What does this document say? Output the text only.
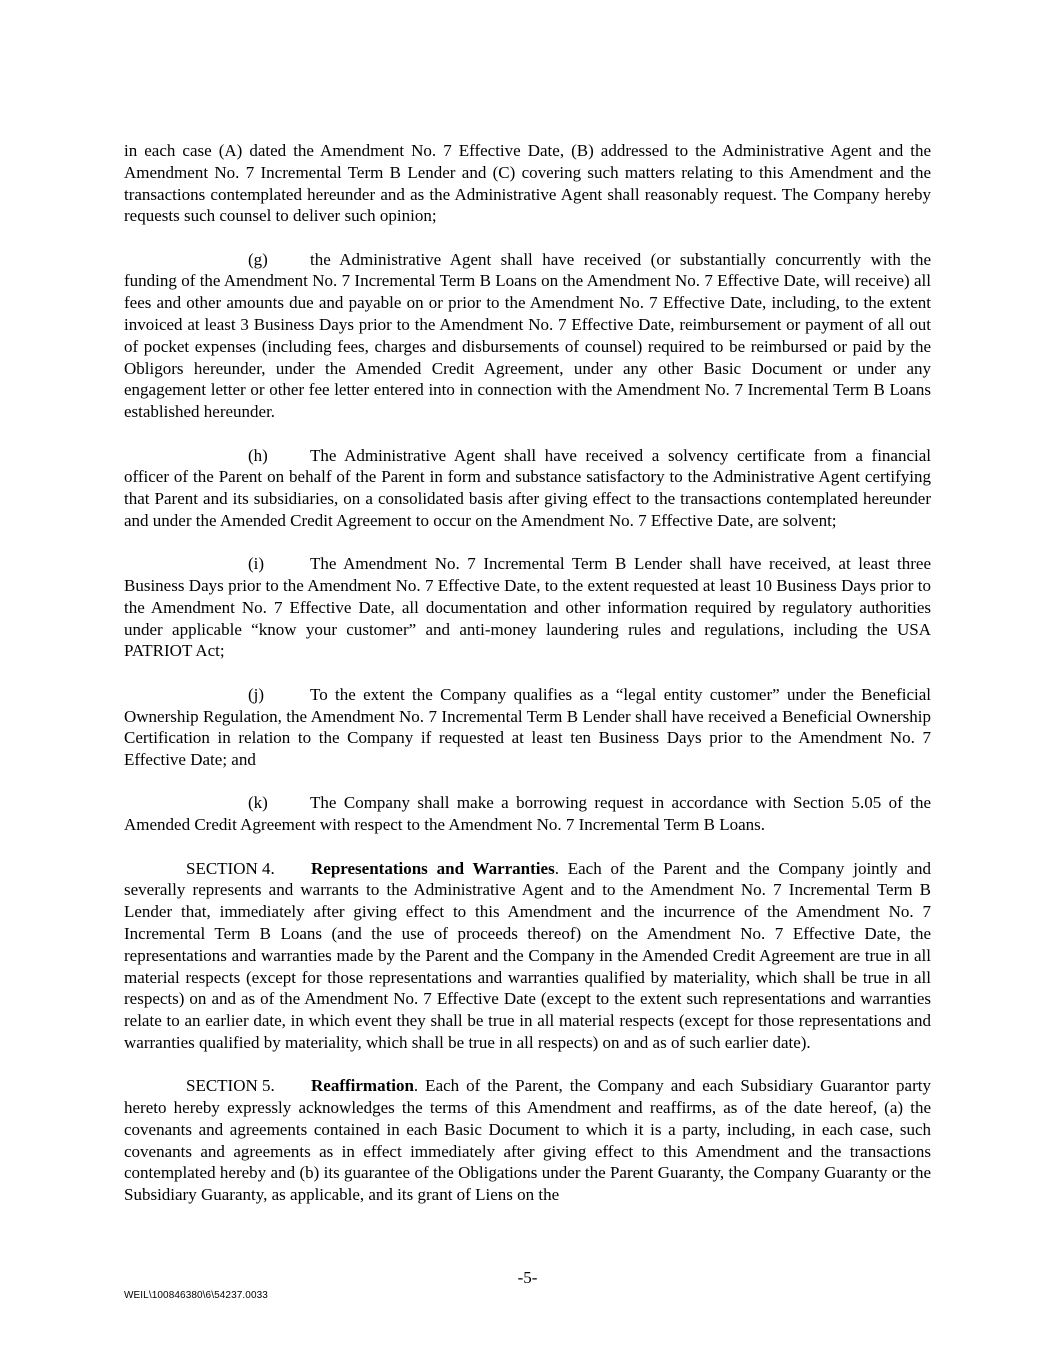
in each case (A) dated the Amendment No. 7 Effective Date, (B) addressed to the Administrative Agent and the Amendment No. 7 Incremental Term B Lender and (C) covering such matters relating to this Amendment and the transactions contemplated hereunder and as the Administrative Agent shall reasonably request. The Company hereby requests such counsel to deliver such opinion;

(g) the Administrative Agent shall have received (or substantially concurrently with the funding of the Amendment No. 7 Incremental Term B Loans on the Amendment No. 7 Effective Date, will receive) all fees and other amounts due and payable on or prior to the Amendment No. 7 Effective Date, including, to the extent invoiced at least 3 Business Days prior to the Amendment No. 7 Effective Date, reimbursement or payment of all out of pocket expenses (including fees, charges and disbursements of counsel) required to be reimbursed or paid by the Obligors hereunder, under the Amended Credit Agreement, under any other Basic Document or under any engagement letter or other fee letter entered into in connection with the Amendment No. 7 Incremental Term B Loans established hereunder.

(h) The Administrative Agent shall have received a solvency certificate from a financial officer of the Parent on behalf of the Parent in form and substance satisfactory to the Administrative Agent certifying that Parent and its subsidiaries, on a consolidated basis after giving effect to the transactions contemplated hereunder and under the Amended Credit Agreement to occur on the Amendment No. 7 Effective Date, are solvent;

(i)	The Amendment No. 7 Incremental Term B Lender shall have received, at least three Business Days prior to the Amendment No. 7 Effective Date, to the extent requested at least 10 Business Days prior to the Amendment No. 7 Effective Date, all documentation and other information required by regulatory authorities under applicable “know your customer” and anti-money laundering rules and regulations, including the USA PATRIOT Act;

(j)	To the extent the Company qualifies as a “legal entity customer” under the Beneficial Ownership Regulation, the Amendment No. 7 Incremental Term B Lender shall have received a Beneficial Ownership Certification in relation to the Company if requested at least ten Business Days prior to the Amendment No. 7 Effective Date; and

(k) The Company shall make a borrowing request in accordance with Section 5.05 of the Amended Credit Agreement with respect to the Amendment No. 7 Incremental Term B Loans.

SECTION 4. Representations and Warranties. Each of the Parent and the Company jointly and severally represents and warrants to the Administrative Agent and to the Amendment No. 7 Incremental Term B Lender that, immediately after giving effect to this Amendment and the incurrence of the Amendment No. 7 Incremental Term B Loans (and the use of proceeds thereof) on the Amendment No. 7 Effective Date, the representations and warranties made by the Parent and the Company in the Amended Credit Agreement are true in all material respects (except for those representations and warranties qualified by materiality, which shall be true in all respects) on and as of the Amendment No. 7 Effective Date (except to the extent such representations and warranties relate to an earlier date, in which event they shall be true in all material respects (except for those representations and warranties qualified by materiality, which shall be true in all respects) on and as of such earlier date).

SECTION 5. Reaffirmation. Each of the Parent, the Company and each Subsidiary Guarantor party hereto hereby expressly acknowledges the terms of this Amendment and reaffirms, as of the date hereof, (a) the covenants and agreements contained in each Basic Document to which it is a party, including, in each case, such covenants and agreements as in effect immediately after giving effect to this Amendment and the transactions contemplated hereby and (b) its guarantee of the Obligations under the Parent Guaranty, the Company Guaranty or the Subsidiary Guaranty, as applicable, and its grant of Liens on the

-5-
WEIL\100846380\6\54237.0033
